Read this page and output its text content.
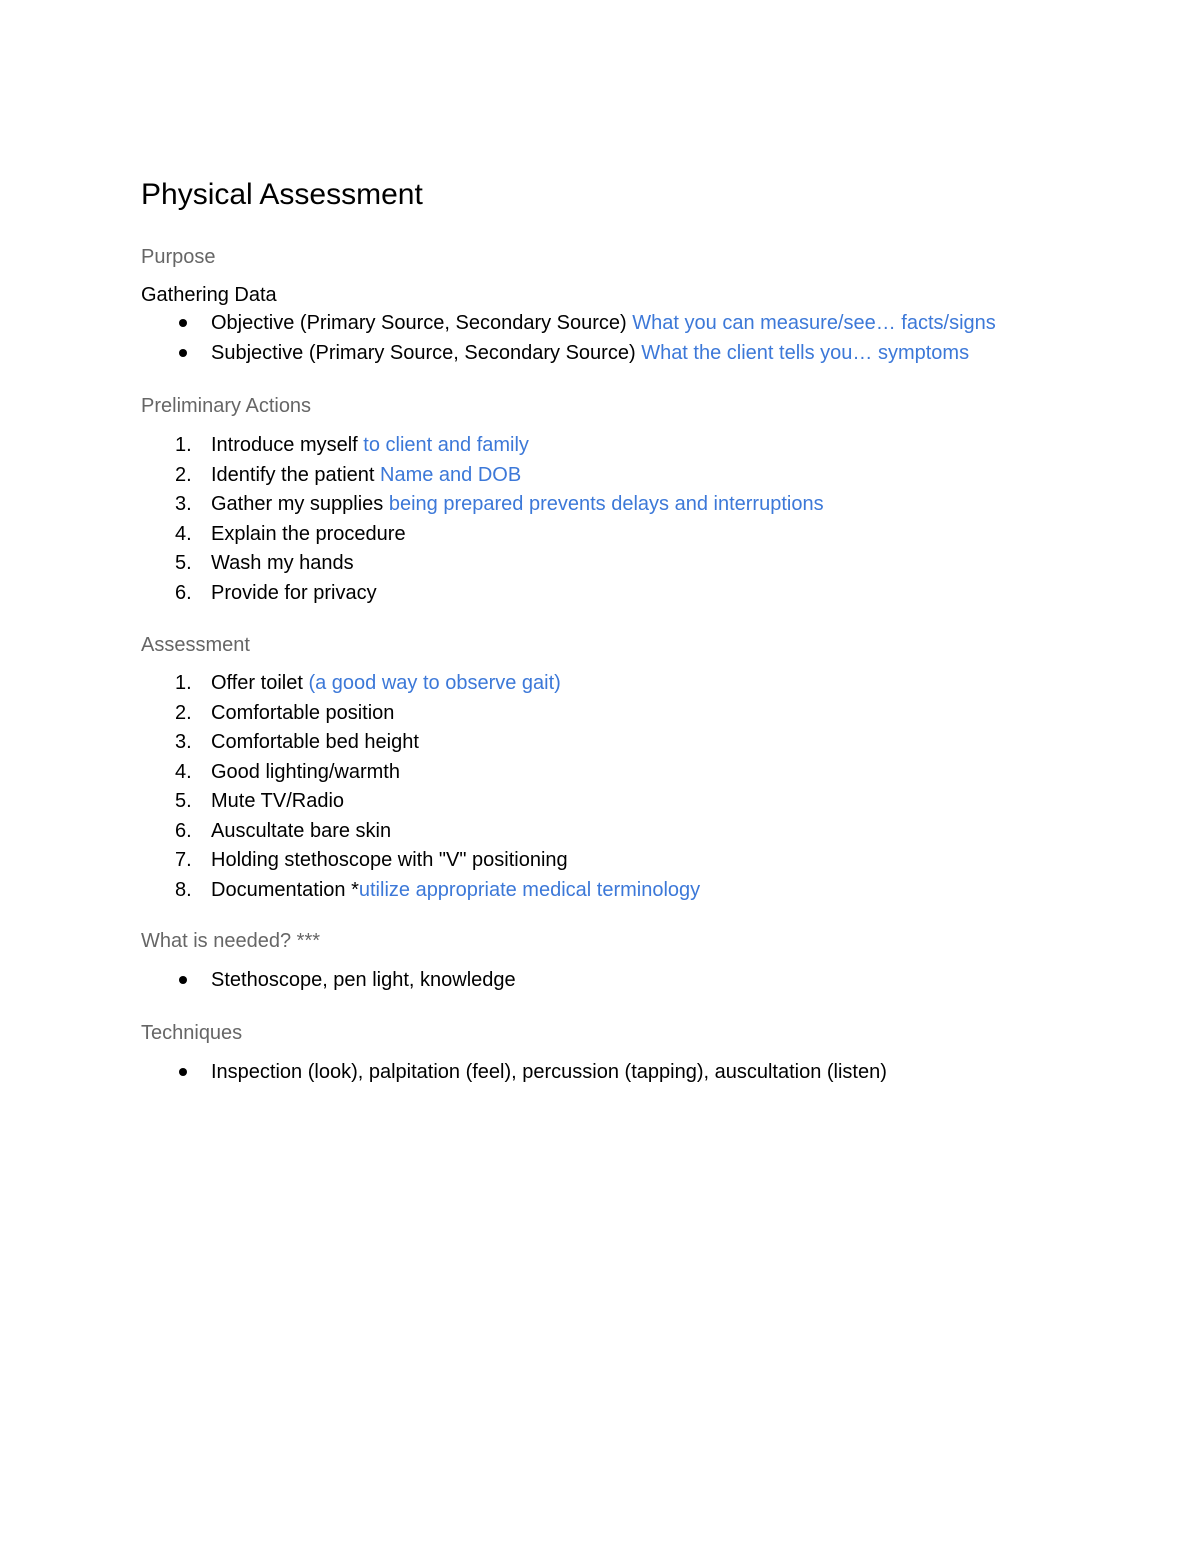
Physical Assessment
Purpose
Gathering Data
Objective (Primary Source, Secondary Source) What you can measure/see… facts/signs
Subjective (Primary Source, Secondary Source) What the client tells you… symptoms
Preliminary Actions
1. Introduce myself to client and family
2. Identify the patient Name and DOB
3. Gather my supplies being prepared prevents delays and interruptions
4. Explain the procedure
5. Wash my hands
6. Provide for privacy
Assessment
1. Offer toilet (a good way to observe gait)
2. Comfortable position
3. Comfortable bed height
4. Good lighting/warmth
5. Mute TV/Radio
6. Auscultate bare skin
7. Holding stethoscope with "V" positioning
8. Documentation *utilize appropriate medical terminology
What is needed? ***
Stethoscope, pen light, knowledge
Techniques
Inspection (look), palpitation (feel), percussion (tapping), auscultation (listen)
